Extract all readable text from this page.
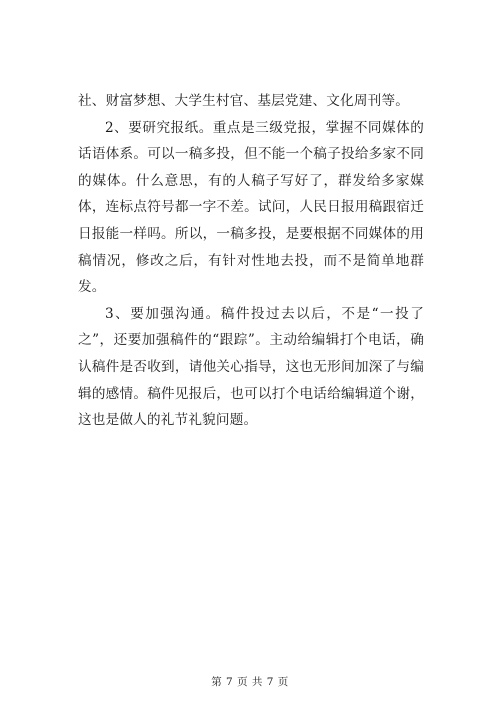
社、财富梦想、大学生村官、基层党建、文化周刊等。

2、要研究报纸。重点是三级党报，掌握不同媒体的话语体系。可以一稿多投，但不能一个稿子投给多家不同的媒体。什么意思，有的人稿子写好了，群发给多家媒体，连标点符号都一字不差。试问，人民日报用稿跟宿迁日报能一样吗。所以，一稿多投，是要根据不同媒体的用稿情况，修改之后，有针对性地去投，而不是简单地群发。

3、要加强沟通。稿件投过去以后，不是“一投了之”，还要加强稿件的“跟踪”。主动给编辑打个电话，确认稿件是否收到，请他关心指导，这也无形间加深了与编辑的感情。稿件见报后，也可以打个电话给编辑道个谢，这也是做人的礼节礼貌问题。

第 7 页 共 7 页
